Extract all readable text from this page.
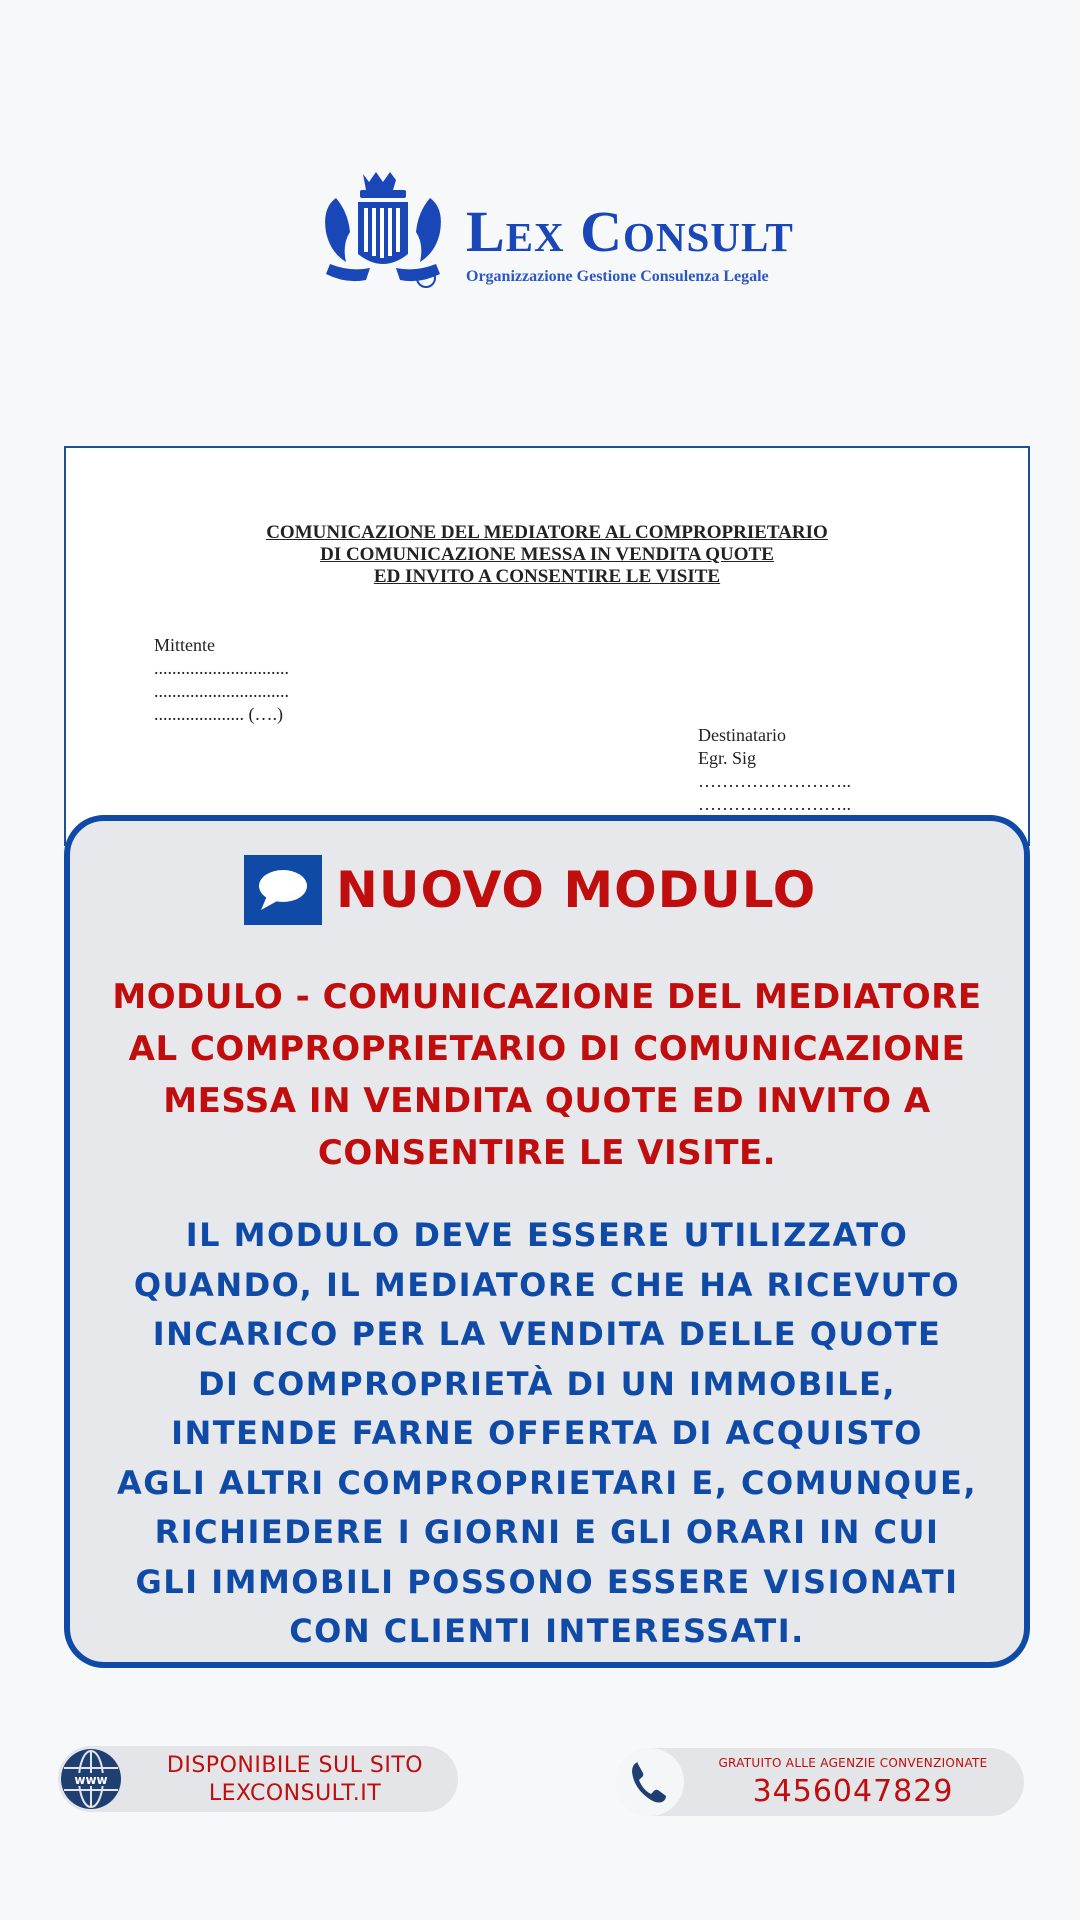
Lex Consult
Organizzazione Gestione Consulenza Legale
COMUNICAZIONE DEL MEDIATORE AL COMPROPRIETARIO
DI COMUNICAZIONE MESSA IN VENDITA QUOTE
ED INVITO A CONSENTIRE LE VISITE
Mittente
..............................
..............................
.................... (….)
Destinatario
Egr. Sig
……………………..
……………………..
NUOVO MODULO
MODULO - COMUNICAZIONE DEL MEDIATORE
AL COMPROPRIETARIO DI COMUNICAZIONE
MESSA IN VENDITA QUOTE ED INVITO A
CONSENTIRE LE VISITE.
IL MODULO DEVE ESSERE UTILIZZATO
QUANDO, IL MEDIATORE CHE HA RICEVUTO
INCARICO PER LA VENDITA DELLE QUOTE
DI COMPROPRIETÀ DI UN IMMOBILE,
INTENDE FARNE OFFERTA DI ACQUISTO
AGLI ALTRI COMPROPRIETARI E, COMUNQUE,
RICHIEDERE I GIORNI E GLI ORARI IN CUI
GLI IMMOBILI POSSONO ESSERE VISIONATI
CON CLIENTI INTERESSATI.
www
DISPONIBILE SUL SITO
LEXCONSULT.IT
GRATUITO ALLE AGENZIE CONVENZIONATE
3456047829
